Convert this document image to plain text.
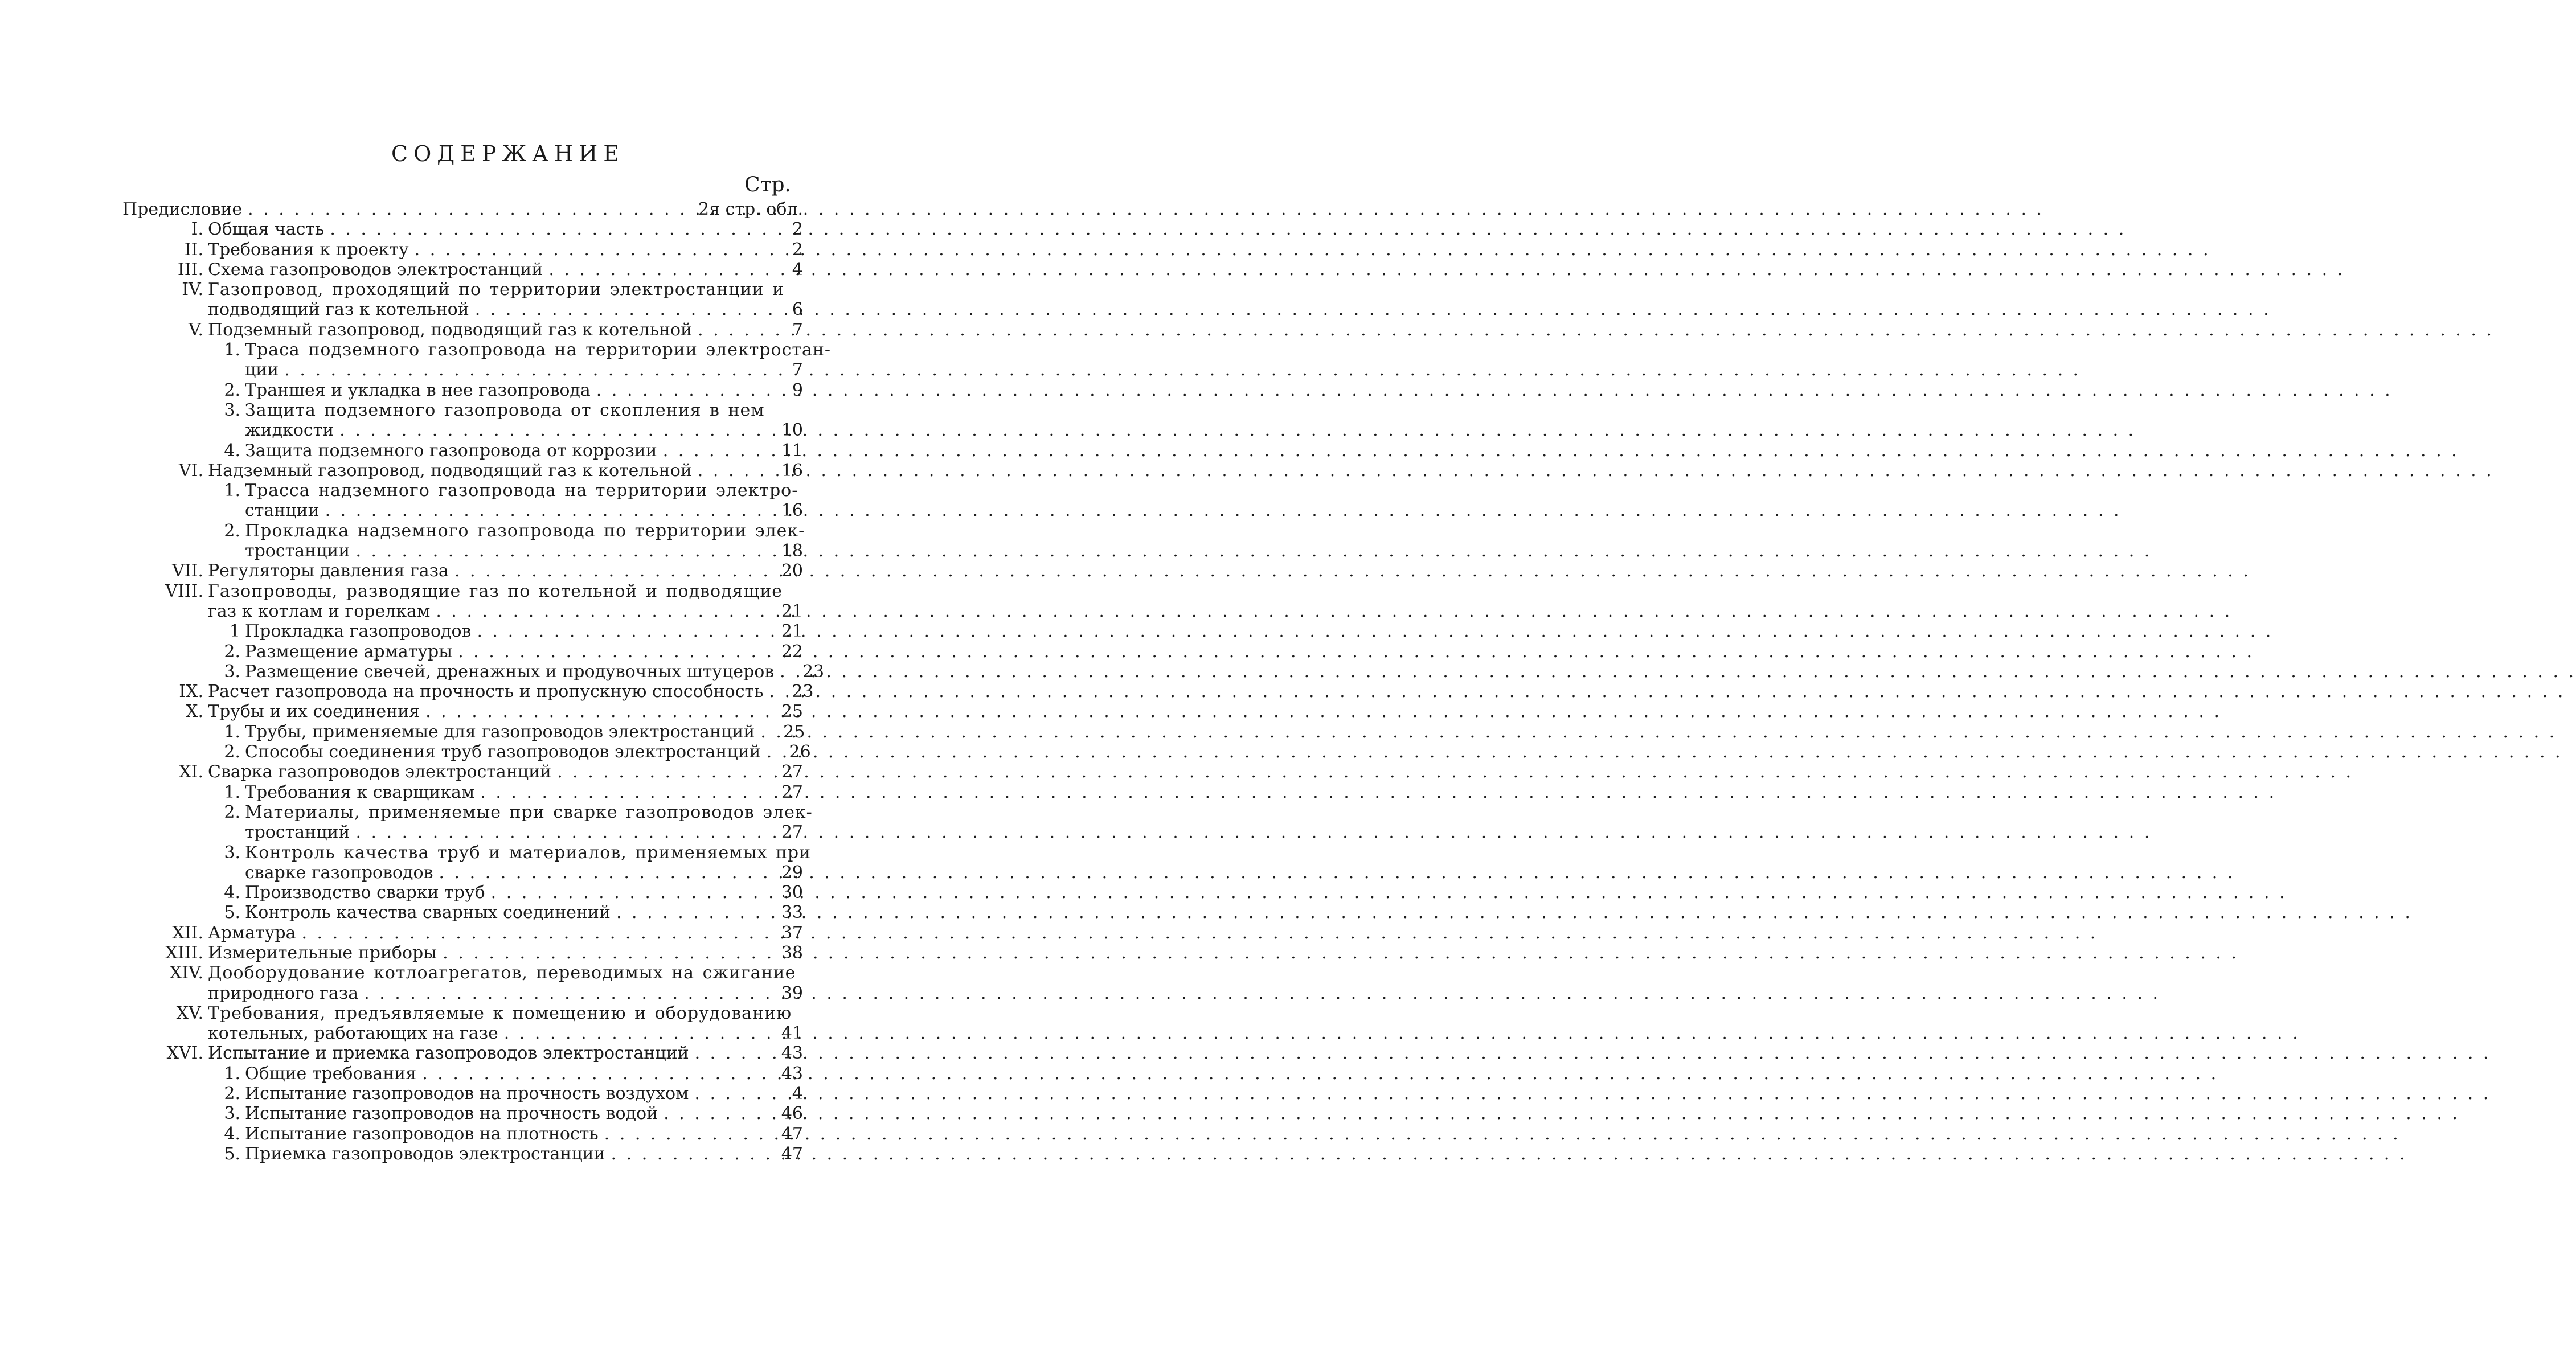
СОДЕРЖАНИЕ
Стр.
Предисловие . . .	2я стр. обл.
I. Общая часть . . .	2
II. Требования к проекту . . .	2
III. Схема газопроводов электростанций . . .	4
IV. Газопровод, проходящий по территории электростанции и
подводящий газ к котельной . . .	6
V. Подземный газопровод, подводящий газ к котельной . . .	7
1. Траса подземного газопровода на территории электростан-
ции . . .	7
2. Траншея и укладка в нее газопровода . . .	9
3. Защита подземного газопровода от скопления в нем
жидкости . . .	10
4. Защита подземного газопровода от коррозии . . .	11
VI. Надземный газопровод, подводящий газ к котельной . . .	16
1. Трасса надземного газопровода на территории электро-
станции . . .	16
2. Прокладка надземного газопровода по территории элек-
тростанции . . .	18
VII. Регуляторы давления газа . . .	20
VIII. Газопроводы, разводящие газ по котельной и подводящие
газ к котлам и горелкам . . .	21
1 Прокладка газопроводов . . .	21
2. Размещение арматуры . . .	22
3. Размещение свечей, дренажных и продувочных штуцеров . . .	23
IX. Расчет газопровода на прочность и пропускную способность . . .	23
X. Трубы и их соединения . . .	25
1. Трубы, применяемые для газопроводов электростанций . . .	25
2. Способы соединения труб газопроводов электростанций . . .	26
XI. Сварка газопроводов электростанций . . .	27
1. Требования к сварщикам . . .	27
2. Материалы, применяемые при сварке газопроводов элек-
тростанций . . .	27
3. Контроль качества труб и материалов, применяемых при
сварке газопроводов . . .	29
4. Производство сварки труб . . .	30
5. Контроль качества сварных соединений . . .	33
XII. Арматура . . .	37
XIII. Измерительные приборы . . .	38
XIV. Дооборудование котлоагрегатов, переводимых на сжигание
природного газа . . .	39
XV. Требования, предъявляемые к помещению и оборудованию
котельных, работающих на газе . . .	41
XVI. Испытание и приемка газопроводов электростанций . . .	43
1. Общие требования . . .	43
2. Испытание газопроводов на прочность воздухом . . .	4
3. Испытание газопроводов на прочность водой . . .	46
4. Испытание газопроводов на плотность . . .	47
5. Приемка газопроводов электростанции . . .	47
